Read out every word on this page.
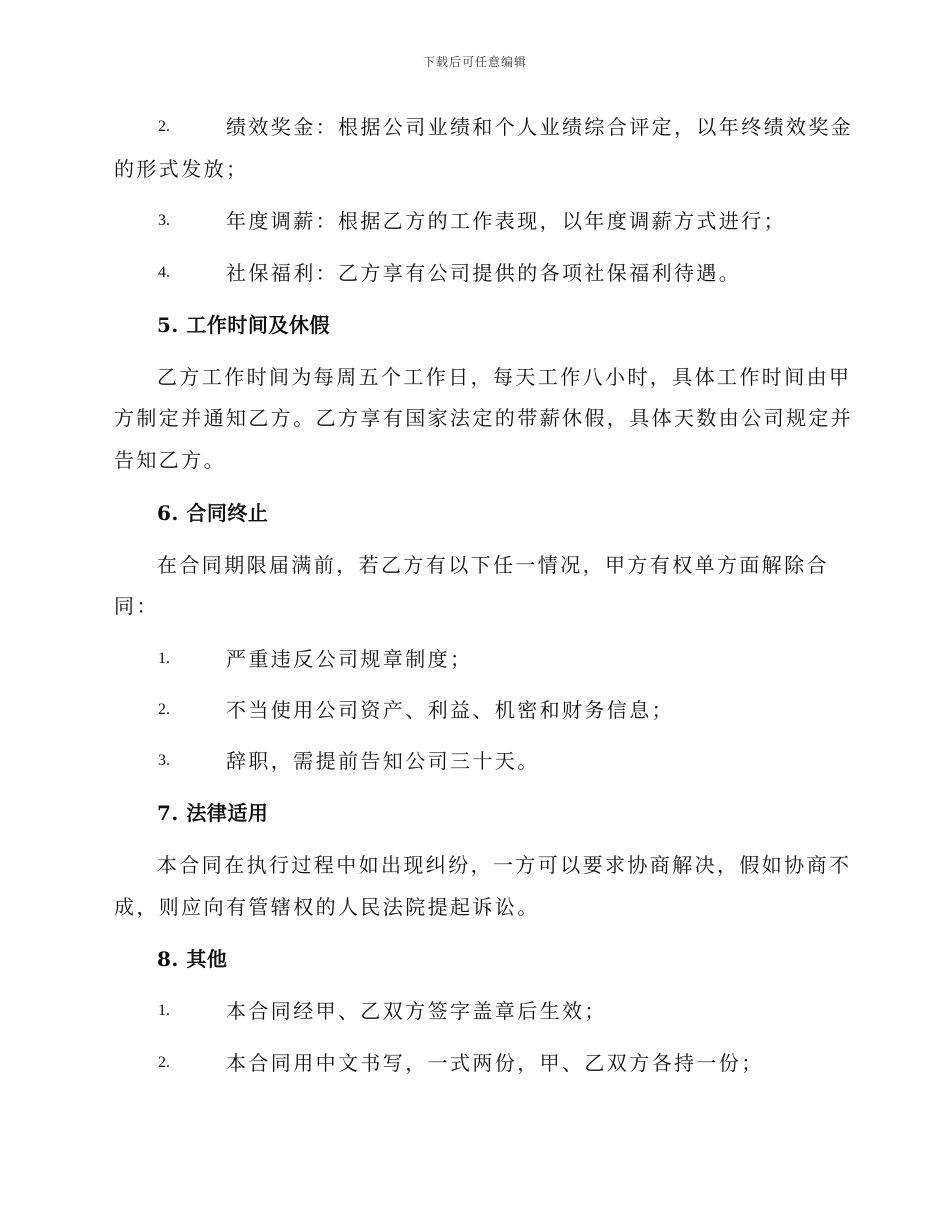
下载后可任意编辑
2.	绩效奖金：根据公司业绩和个人业绩综合评定，以年终绩效奖金
的形式发放；
3.	年度调薪：根据乙方的工作表现，以年度调薪方式进行；
4.	社保福利：乙方享有公司提供的各项社保福利待遇。
5. 工作时间及休假
乙方工作时间为每周五个工作日，每天工作八小时，具体工作时间由甲
方制定并通知乙方。乙方享有国家法定的带薪休假，具体天数由公司规定并
告知乙方。
6. 合同终止
在合同期限届满前，若乙方有以下任一情况，甲方有权单方面解除合
同：
1.	严重违反公司规章制度；
2.	不当使用公司资产、利益、机密和财务信息；
3.	辞职，需提前告知公司三十天。
7. 法律适用
本合同在执行过程中如出现纠纷，一方可以要求协商解决，假如协商不
成，则应向有管辖权的人民法院提起诉讼。
8. 其他
1.	本合同经甲、乙双方签字盖章后生效；
2.	本合同用中文书写，一式两份，甲、乙双方各持一份；
